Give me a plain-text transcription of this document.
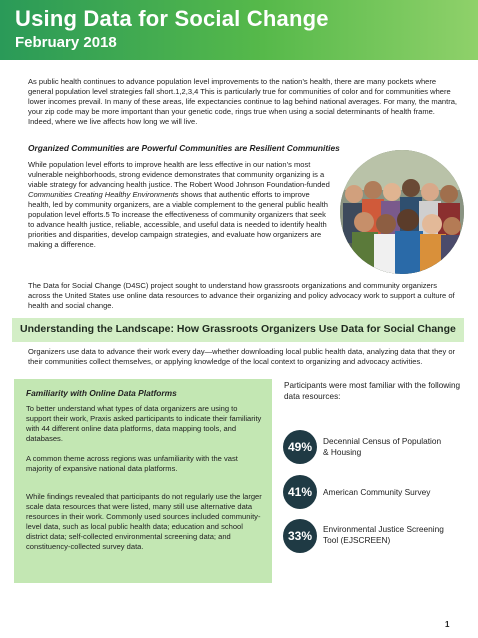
Using Data for Social Change
February 2018

As public health continues to advance population level improvements to the nation’s health, there are many pockets where general population level strategies fall short.1,2,3,4 This is particularly true for communities of color and for communities where lower incomes prevail. In many of these areas, life expectancies continue to lag behind national averages. For many, the mantra, your zip code may be more important than your genetic code, rings true when using a social determinants of health frame. Indeed, where we live affects how long we will live.

Organized Communities are Powerful Communities are Resilient Communities

While population level efforts to improve health are less effective in our nation’s most vulnerable neighborhoods, strong evidence demonstrates that community organizing is a viable strategy for advancing health justice. The Robert Wood Johnson Foundation-funded Communities Creating Healthy Environments shows that authentic efforts to improve health, led by community organizers, are a viable complement to the general public health population level efforts.5 To increase the effectiveness of community organizers that seek to advance health justice, reliable, accessible, and useful data is needed to identify health priorities and disparities, develop campaign strategies, and evaluate how organizers are making a difference.

The Data for Social Change (D4SC) project sought to understand how grassroots organizations and community organizers across the United States use online data resources to advance their organizing and policy advocacy work to support a culture of health and social change.

Understanding the Landscape: How Grassroots Organizers Use Data for Social Change

Organizers use data to advance their work every day—whether downloading local public health data, analyzing data that they or their communities collect themselves, or applying knowledge of the local context to organizing and advocacy activities.

Familiarity with Online Data Platforms

To better understand what types of data organizers are using to support their work, Praxis asked participants to indicate their familiarity with 44 different online data platforms, data mapping tools, and databases.

A common theme across regions was unfamiliarity with the vast majority of expansive national data platforms.

While findings revealed that participants do not regularly use the larger scale data resources that were listed, many still use alternative data resources in their work. Commonly used sources included community-level data, such as local public health data; education and school district data; self-collected environmental screening data; and constituency-collected survey data.

Participants were most familiar with the following data resources:

49%	Decennial Census of Population & Housing
41%	American Community Survey
33%	Environmental Justice Screening Tool (EJSCREEN)
1
